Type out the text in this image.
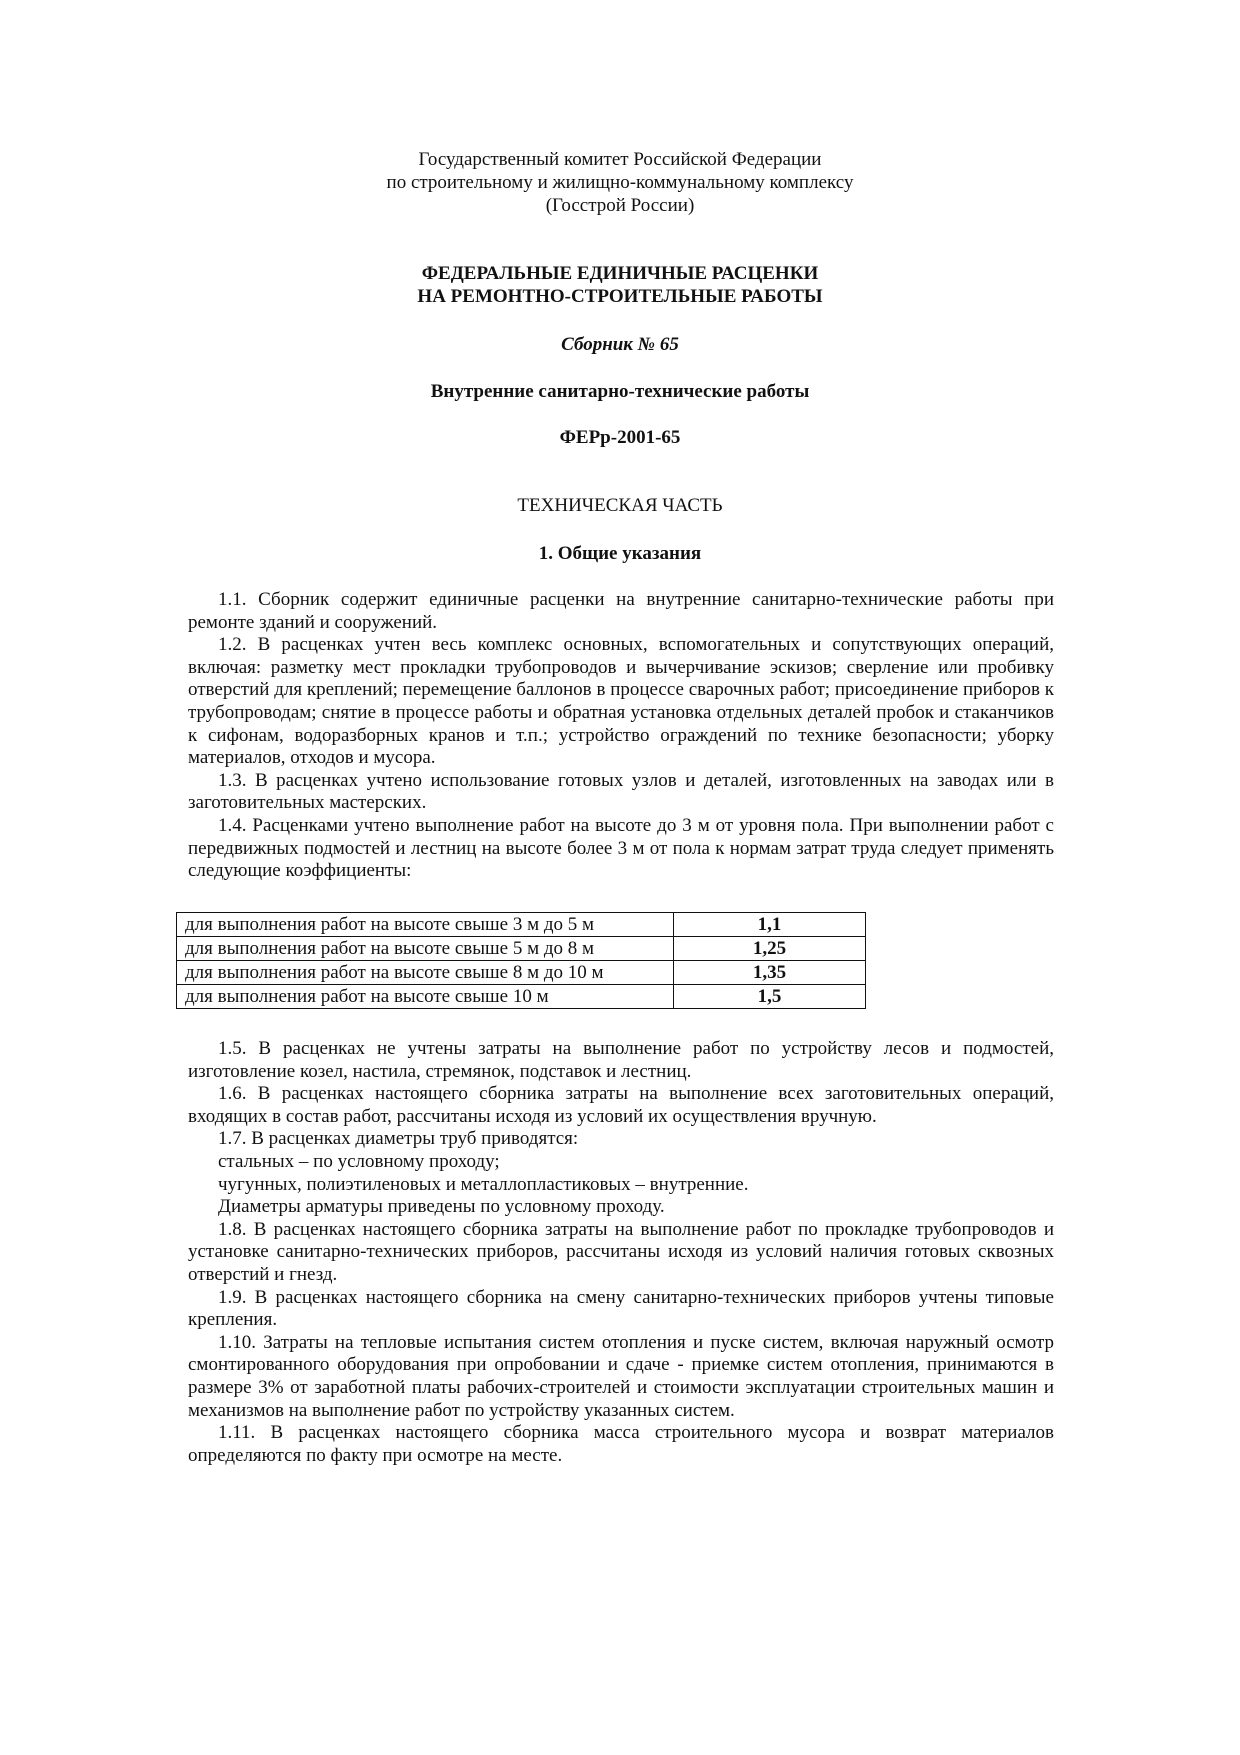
Государственный комитет Российской Федерации
по строительному и жилищно-коммунальному комплексу
(Госстрой России)
ФЕДЕРАЛЬНЫЕ ЕДИНИЧНЫЕ РАСЦЕНКИ
НА РЕМОНТНО-СТРОИТЕЛЬНЫЕ РАБОТЫ
Сборник № 65
Внутренние санитарно-технические работы
ФЕРр-2001-65
ТЕХНИЧЕСКАЯ ЧАСТЬ
1. Общие указания

1.1. Сборник содержит единичные расценки на внутренние санитарно-технические работы при ремонте зданий и сооружений.

1.2. В расценках учтен весь комплекс основных, вспомогательных и сопутствующих операций, включая: разметку мест прокладки трубопроводов и вычерчивание эскизов; сверление или пробивку отверстий для креплений; перемещение баллонов в процессе сварочных работ; присоединение приборов к трубопроводам; снятие в процессе работы и обратная установка отдельных деталей пробок и стаканчиков к сифонам, водоразборных кранов и т.п.; устройство ограждений по технике безопасности; уборку материалов, отходов и мусора.

1.3. В расценках учтено использование готовых узлов и деталей, изготовленных на заводах или в заготовительных мастерских.

1.4. Расценками учтено выполнение работ на высоте до 3 м от уровня пола. При выполнении работ с передвижных подмостей и лестниц на высоте более 3 м от пола к нормам затрат труда следует применять следующие коэффициенты:

для выполнения работ на высоте свыше 3 м до 5 м	1,1
для выполнения работ на высоте свыше 5 м до 8 м	1,25
для выполнения работ на высоте свыше 8 м до 10 м	1,35
для выполнения работ на высоте свыше 10 м	1,5

1.5. В расценках не учтены затраты на выполнение работ по устройству лесов и подмостей, изготовление козел, настила, стремянок, подставок и лестниц.

1.6. В расценках настоящего сборника затраты на выполнение всех заготовительных операций, входящих в состав работ, рассчитаны исходя из условий их осуществления вручную.

1.7. В расценках диаметры труб приводятся:

стальных – по условному проходу;

чугунных, полиэтиленовых и металлопластиковых – внутренние.

Диаметры арматуры приведены по условному проходу.

1.8. В расценках настоящего сборника затраты на выполнение работ по прокладке трубопроводов и установке санитарно-технических приборов, рассчитаны исходя из условий наличия готовых сквозных отверстий и гнезд.

1.9. В расценках настоящего сборника на смену санитарно-технических приборов учтены типовые крепления.

1.10. Затраты на тепловые испытания систем отопления и пуске систем, включая наружный осмотр смонтированного оборудования при опробовании и сдаче - приемке систем отопления, принимаются в размере 3% от заработной платы рабочих-строителей и стоимости эксплуатации строительных машин и механизмов на выполнение работ по устройству указанных систем.

1.11. В расценках настоящего сборника масса строительного мусора и возврат материалов определяются по факту при осмотре на месте.
